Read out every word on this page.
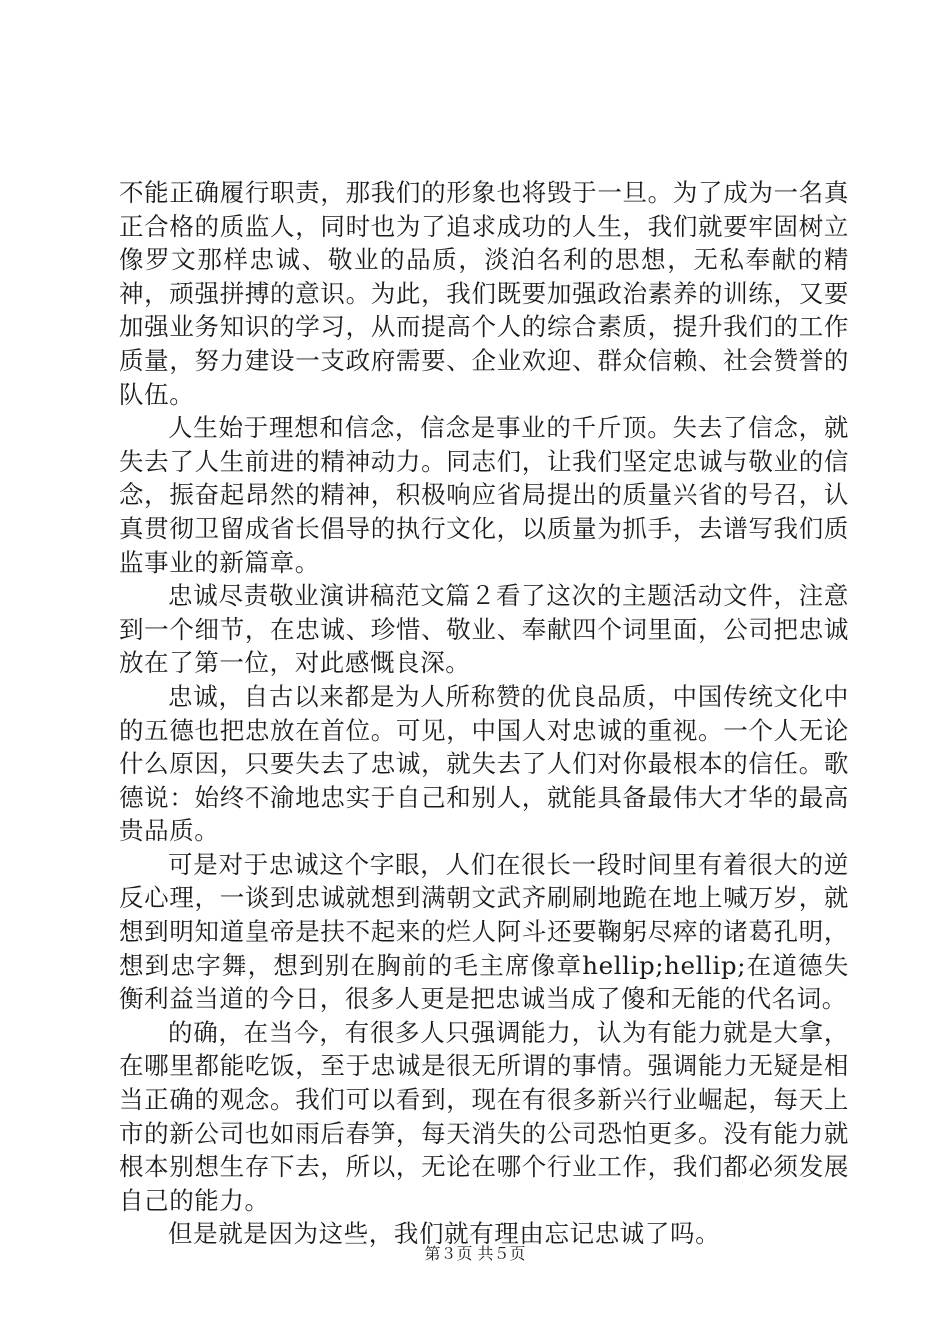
不能正确履行职责，那我们的形象也将毁于一旦。为了成为一名真正合格的质监人，同时也为了追求成功的人生，我们就要牢固树立像罗文那样忠诚、敬业的品质，淡泊名利的思想，无私奉献的精神，顽强拼搏的意识。为此，我们既要加强政治素养的训练，又要加强业务知识的学习，从而提高个人的综合素质，提升我们的工作质量，努力建设一支政府需要、企业欢迎、群众信赖、社会赞誉的队伍。

人生始于理想和信念，信念是事业的千斤顶。失去了信念，就失去了人生前进的精神动力。同志们，让我们坚定忠诚与敬业的信念，振奋起昂然的精神，积极响应省局提出的质量兴省的号召，认真贯彻卫留成省长倡导的执行文化，以质量为抓手，去谱写我们质监事业的新篇章。

忠诚尽责敬业演讲稿范文篇２看了这次的主题活动文件，注意到一个细节，在忠诚、珍惜、敬业、奉献四个词里面，公司把忠诚放在了第一位，对此感慨良深。

忠诚，自古以来都是为人所称赞的优良品质，中国传统文化中的五德也把忠放在首位。可见，中国人对忠诚的重视。一个人无论什么原因，只要失去了忠诚，就失去了人们对你最根本的信任。歌德说：始终不渝地忠实于自己和别人，就能具备最伟大才华的最高贵品质。

可是对于忠诚这个字眼，人们在很长一段时间里有着很大的逆反心理，一谈到忠诚就想到满朝文武齐刷刷地跪在地上喊万岁，就想到明知道皇帝是扶不起来的烂人阿斗还要鞠躬尽瘁的诸葛孔明，想到忠字舞，想到别在胸前的毛主席像章hellip;hellip;在道德失衡利益当道的今日，很多人更是把忠诚当成了傻和无能的代名词。

的确，在当今，有很多人只强调能力，认为有能力就是大拿，在哪里都能吃饭，至于忠诚是很无所谓的事情。强调能力无疑是相当正确的观念。我们可以看到，现在有很多新兴行业崛起，每天上市的新公司也如雨后春笋，每天消失的公司恐怕更多。没有能力就根本别想生存下去，所以，无论在哪个行业工作，我们都必须发展自己的能力。

但是就是因为这些，我们就有理由忘记忠诚了吗。

第３页 共５页
